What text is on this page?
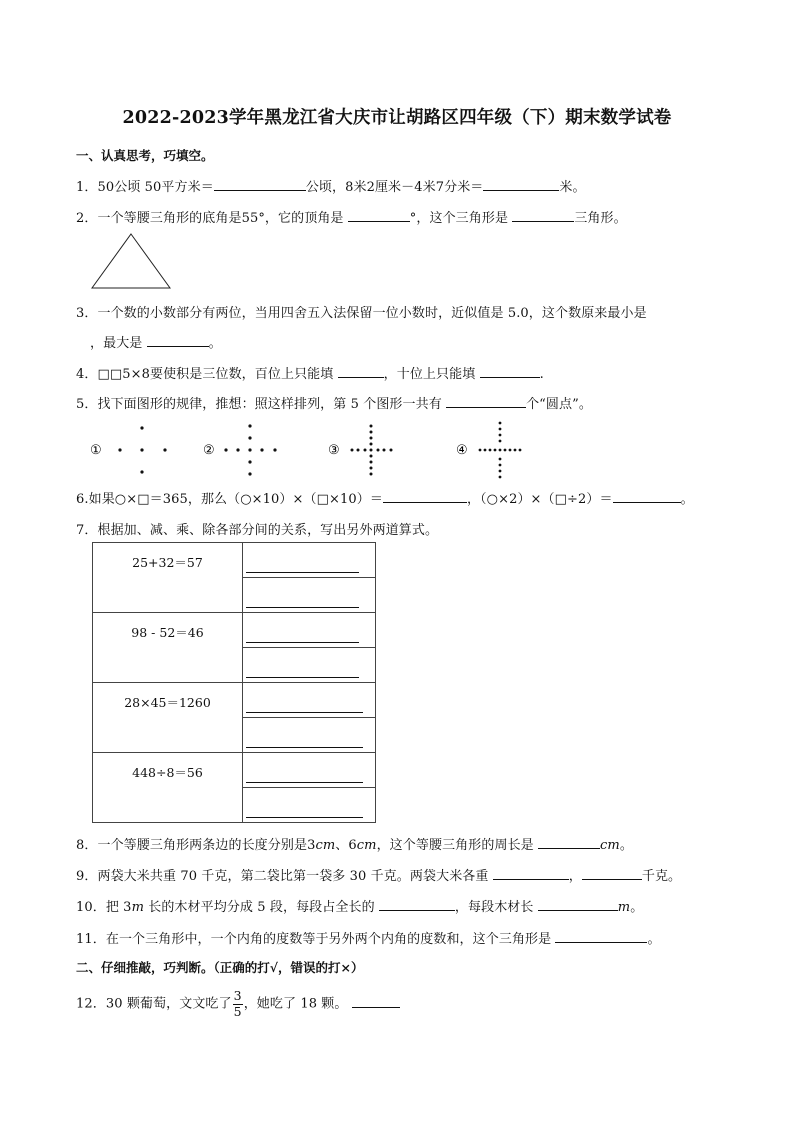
2022-2023学年黑龙江省大庆市让胡路区四年级（下）期末数学试卷
一、认真思考，巧填空。
1．50公顷 50平方米＝	公顷，8米2厘米－4米7分米＝	米。
2．一个等腰三角形的底角是55°，它的顶角是	°，这个三角形是	三角形。
3．一个数的小数部分有两位，当用四舍五入法保留一位小数时，近似值是 5.0，这个数原来最小是
，最大是	。
4．□□5×8要使积是三位数，百位上只能填	，十位上只能填	.
5．找下面图形的规律，推想：照这样排列，第 5 个图形一共有	个“圆点”。
①	②	③	④
6.如果○×□＝365，那么（○×10）×（□×10）＝	，（○×2）×（□÷2）＝	。
7．根据加、减、乘、除各部分间的关系，写出另外两道算式。
25+32＝57	

98 - 52＝46	

28×45＝1260	

448÷8＝56	

8．一个等腰三角形两条边的长度分别是3cm、6cm，这个等腰三角形的周长是	cm。
9．两袋大米共重 70 千克，第二袋比第一袋多 30 千克。两袋大米各重	，	千克。
10．把 3m 长的木材平均分成 5 段，每段占全长的	，每段木材长	m。
11．在一个三角形中，一个内角的度数等于另外两个内角的度数和，这个三角形是	。
二、仔细推敲，巧判断。（正确的打√，错误的打×）
12．30 颗葡萄，文文吃了 $\frac{3}{5}$ ，她吃了 18 颗。
